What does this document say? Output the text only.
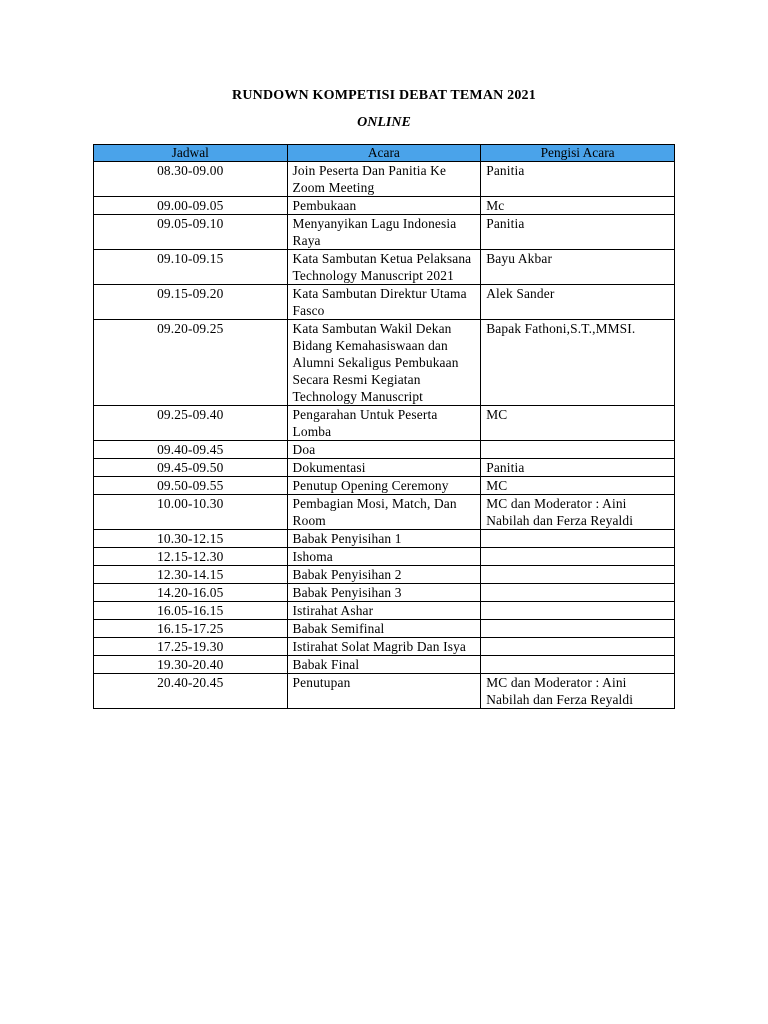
RUNDOWN KOMPETISI DEBAT TEMAN 2021
ONLINE
Jadwal	Acara	Pengisi Acara
08.30-09.00	Join Peserta Dan Panitia Ke Zoom Meeting	Panitia
09.00-09.05	Pembukaan	Mc
09.05-09.10	Menyanyikan Lagu Indonesia Raya	Panitia
09.10-09.15	Kata Sambutan Ketua Pelaksana Technology Manuscript 2021	Bayu Akbar
09.15-09.20	Kata Sambutan Direktur Utama Fasco	Alek Sander
09.20-09.25	Kata Sambutan Wakil Dekan Bidang Kemahasiswaan dan Alumni Sekaligus Pembukaan Secara Resmi Kegiatan Technology Manuscript	Bapak Fathoni,S.T.,MMSI.
09.25-09.40	Pengarahan Untuk Peserta Lomba	MC
09.40-09.45	Doa	
09.45-09.50	Dokumentasi	Panitia
09.50-09.55	Penutup Opening Ceremony	MC
10.00-10.30	Pembagian Mosi, Match, Dan Room	MC dan Moderator : Aini Nabilah dan Ferza Reyaldi
10.30-12.15	Babak Penyisihan 1	
12.15-12.30	Ishoma	
12.30-14.15	Babak Penyisihan 2	
14.20-16.05	Babak Penyisihan 3	
16.05-16.15	Istirahat Ashar	
16.15-17.25	Babak Semifinal	
17.25-19.30	Istirahat Solat Magrib Dan Isya	
19.30-20.40	Babak Final	
20.40-20.45	Penutupan	MC dan Moderator : Aini Nabilah dan Ferza Reyaldi
